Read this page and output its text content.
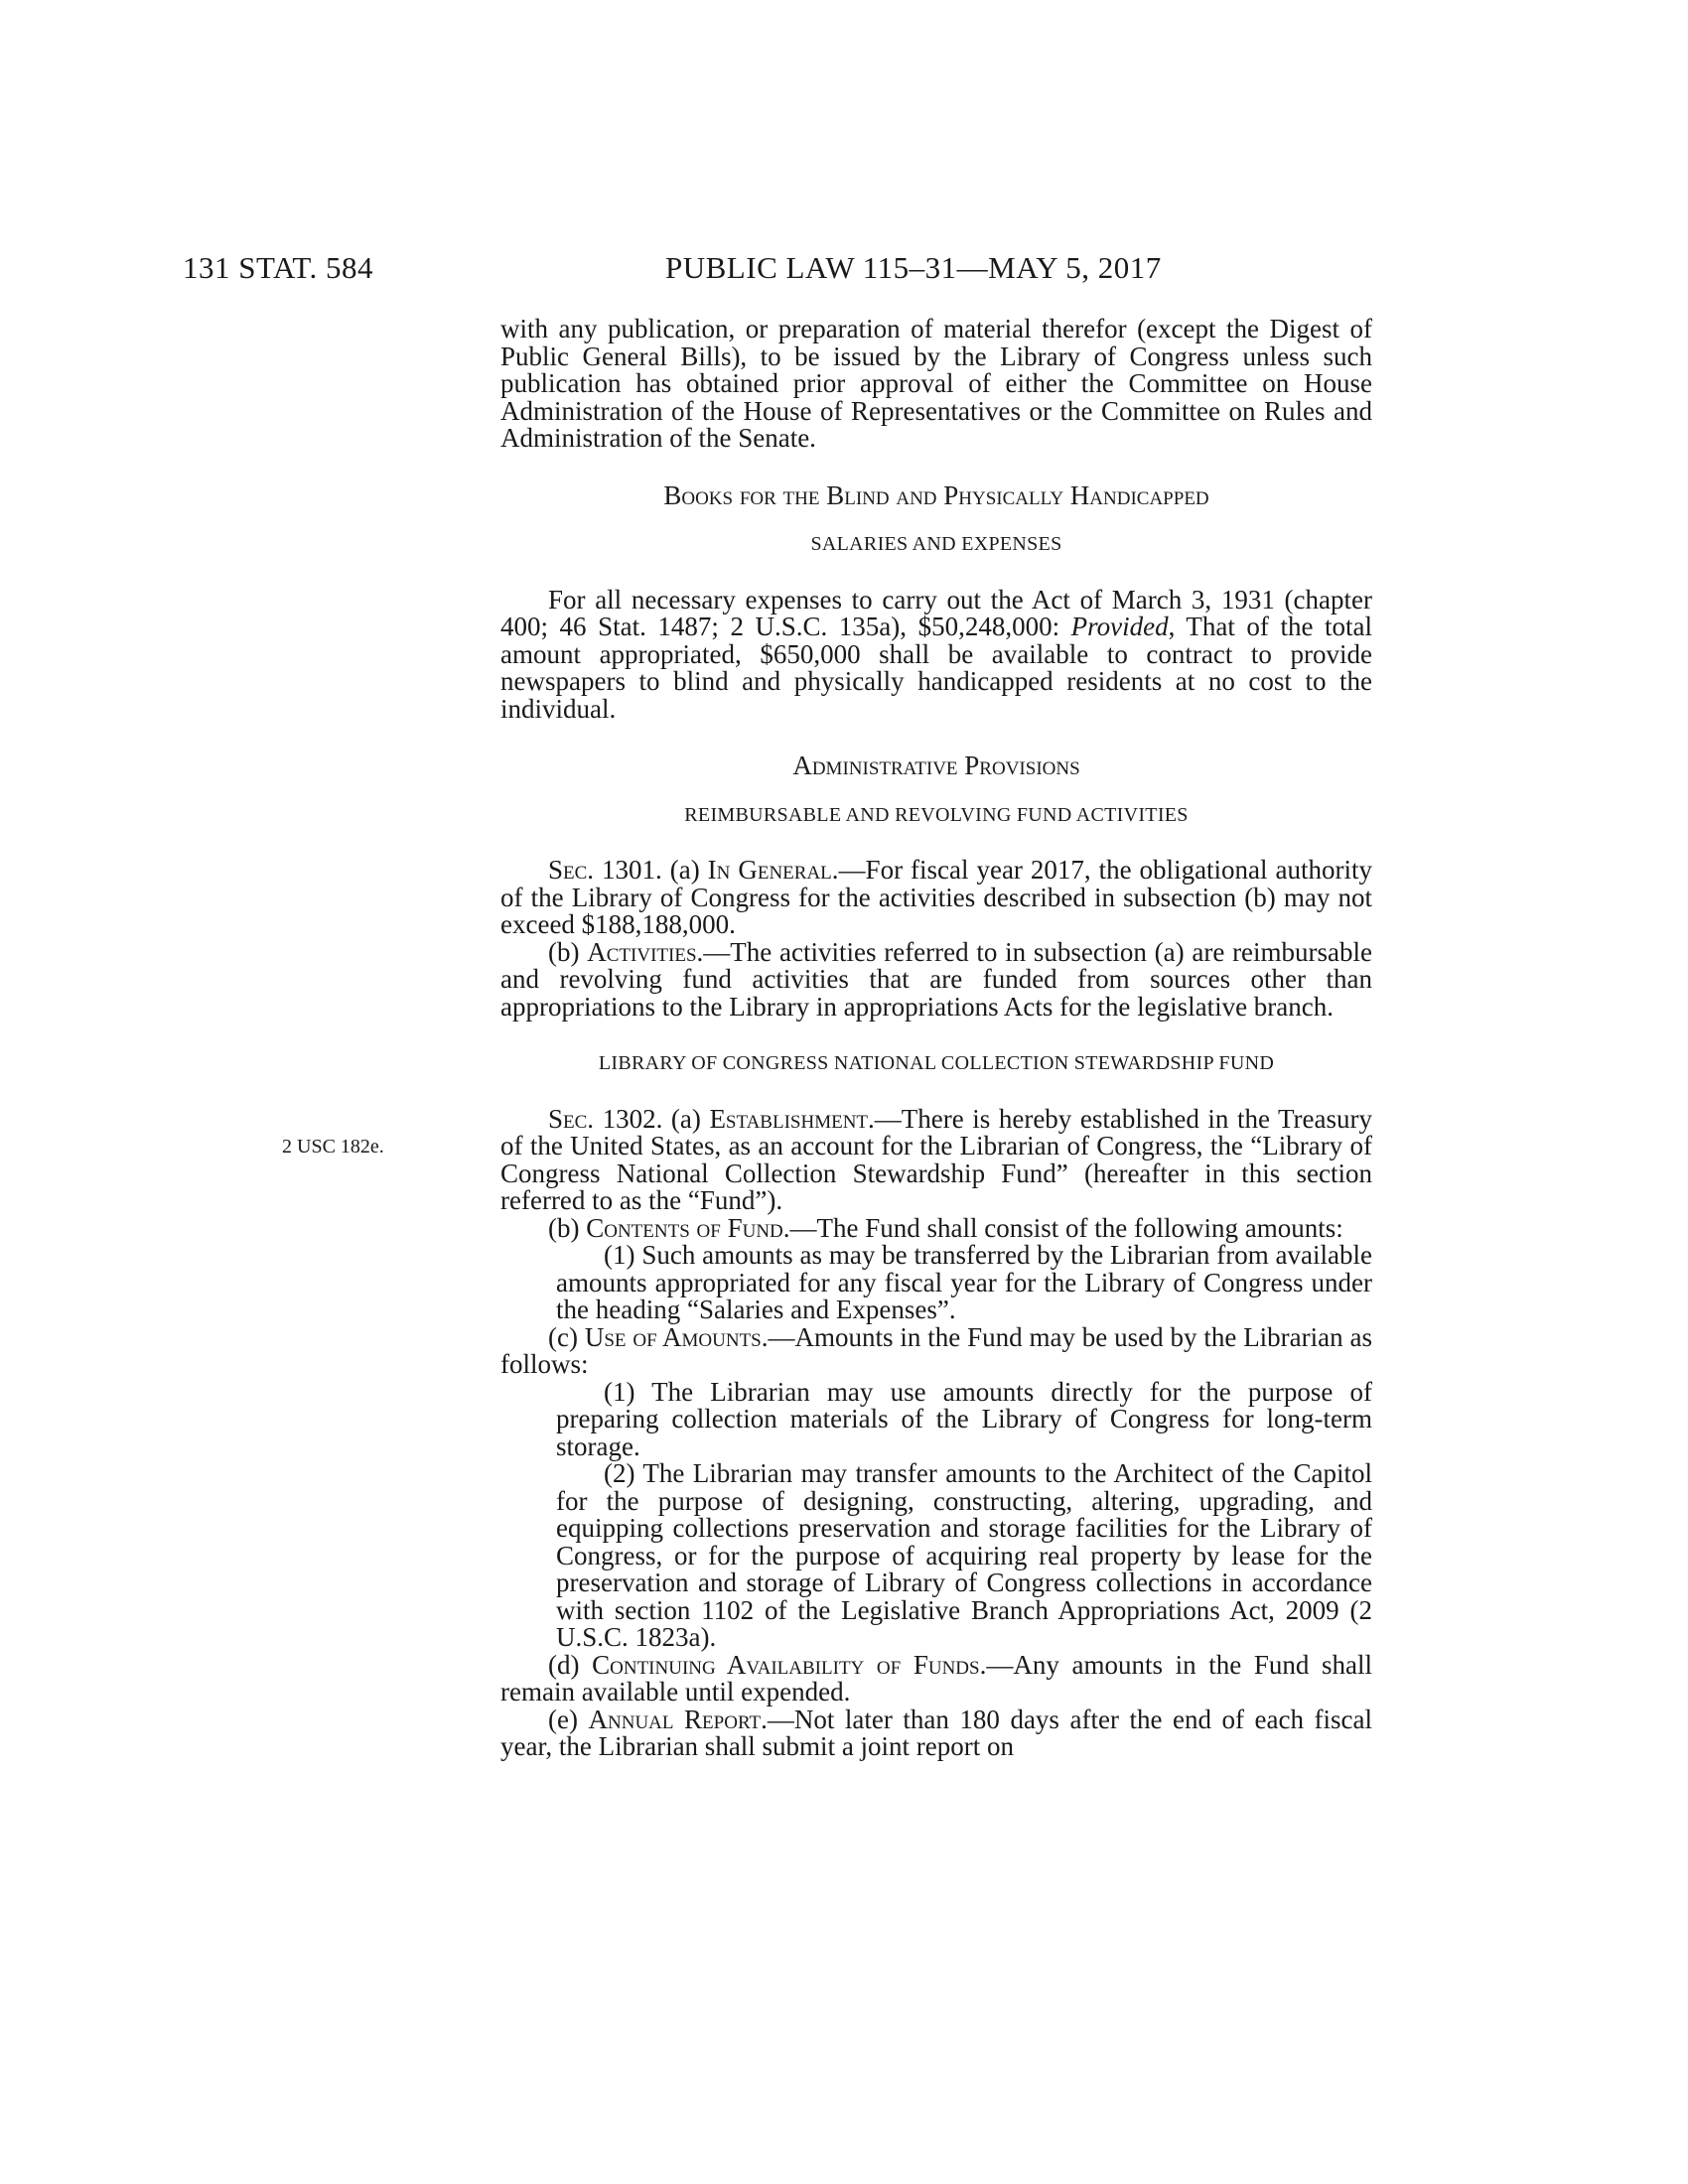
131 STAT. 584	PUBLIC LAW 115–31—MAY 5, 2017
2 USC 182e.

with any publication, or preparation of material therefor (except the Digest of Public General Bills), to be issued by the Library of Congress unless such publication has obtained prior approval of either the Committee on House Administration of the House of Representatives or the Committee on Rules and Administration of the Senate.

Books for the Blind and Physically Handicapped

SALARIES AND EXPENSES

For all necessary expenses to carry out the Act of March 3, 1931 (chapter 400; 46 Stat. 1487; 2 U.S.C. 135a), $50,248,000: Provided, That of the total amount appropriated, $650,000 shall be available to contract to provide newspapers to blind and physically handicapped residents at no cost to the individual.

Administrative Provisions

REIMBURSABLE AND REVOLVING FUND ACTIVITIES

Sec. 1301. (a) In General.—For fiscal year 2017, the obligational authority of the Library of Congress for the activities described in subsection (b) may not exceed $188,188,000.

(b) Activities.—The activities referred to in subsection (a) are reimbursable and revolving fund activities that are funded from sources other than appropriations to the Library in appropriations Acts for the legislative branch.

LIBRARY OF CONGRESS NATIONAL COLLECTION STEWARDSHIP FUND

Sec. 1302. (a) Establishment.—There is hereby established in the Treasury of the United States, as an account for the Librarian of Congress, the “Library of Congress National Collection Stewardship Fund” (hereafter in this section referred to as the “Fund”).

(b) Contents of Fund.—The Fund shall consist of the following amounts:

(1) Such amounts as may be transferred by the Librarian from available amounts appropriated for any fiscal year for the Library of Congress under the heading “Salaries and Expenses”.

(c) Use of Amounts.—Amounts in the Fund may be used by the Librarian as follows:

(1) The Librarian may use amounts directly for the purpose of preparing collection materials of the Library of Congress for long-term storage.

(2) The Librarian may transfer amounts to the Architect of the Capitol for the purpose of designing, constructing, altering, upgrading, and equipping collections preservation and storage facilities for the Library of Congress, or for the purpose of acquiring real property by lease for the preservation and storage of Library of Congress collections in accordance with section 1102 of the Legislative Branch Appropriations Act, 2009 (2 U.S.C. 1823a).

(d) Continuing Availability of Funds.—Any amounts in the Fund shall remain available until expended.

(e) Annual Report.—Not later than 180 days after the end of each fiscal year, the Librarian shall submit a joint report on
